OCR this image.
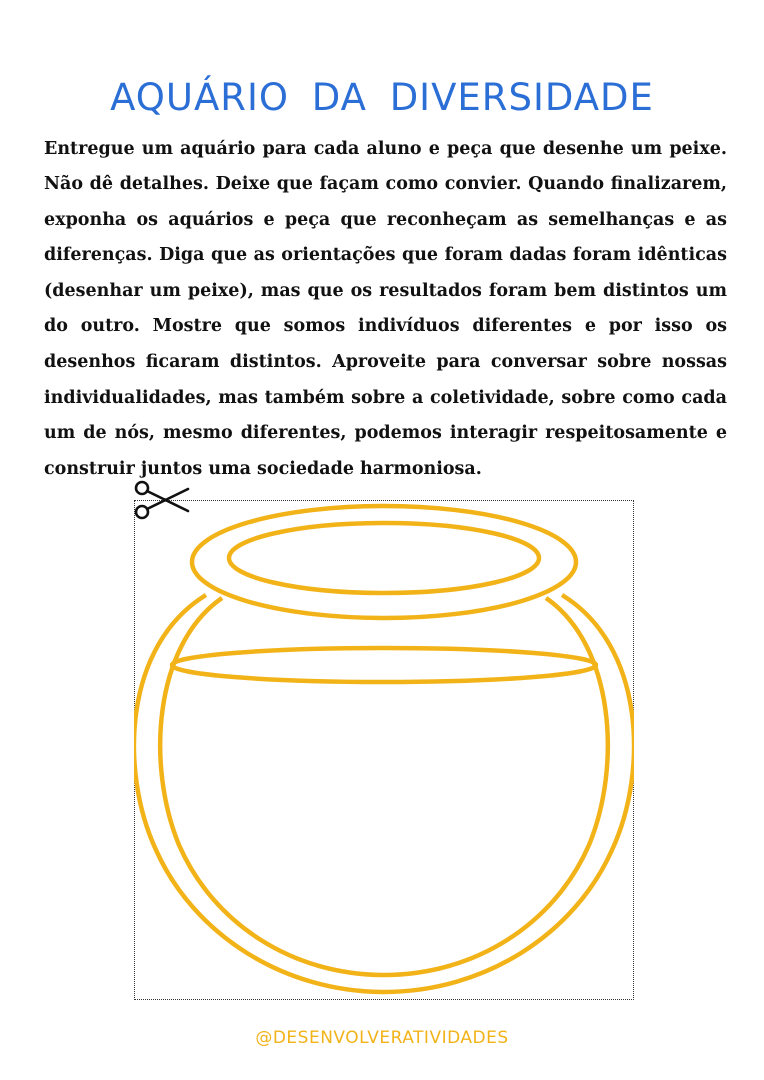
AQUÁRIO DA DIVERSIDADE

Entregue um aquário para cada aluno e peça que desenhe um peixe. Não dê detalhes. Deixe que façam como convier. Quando finalizarem, exponha os aquários e peça que reconheçam as semelhanças e as diferenças. Diga que as orientações que foram dadas foram idênticas (desenhar um peixe), mas que os resultados foram bem distintos um do outro. Mostre que somos indivíduos diferentes e por isso os desenhos ficaram distintos. Aproveite para conversar sobre nossas individualidades, mas também sobre a coletividade, sobre como cada um de nós, mesmo diferentes, podemos interagir respeitosamente e construir juntos uma sociedade harmoniosa.

@DESENVOLVERATIVIDADES
